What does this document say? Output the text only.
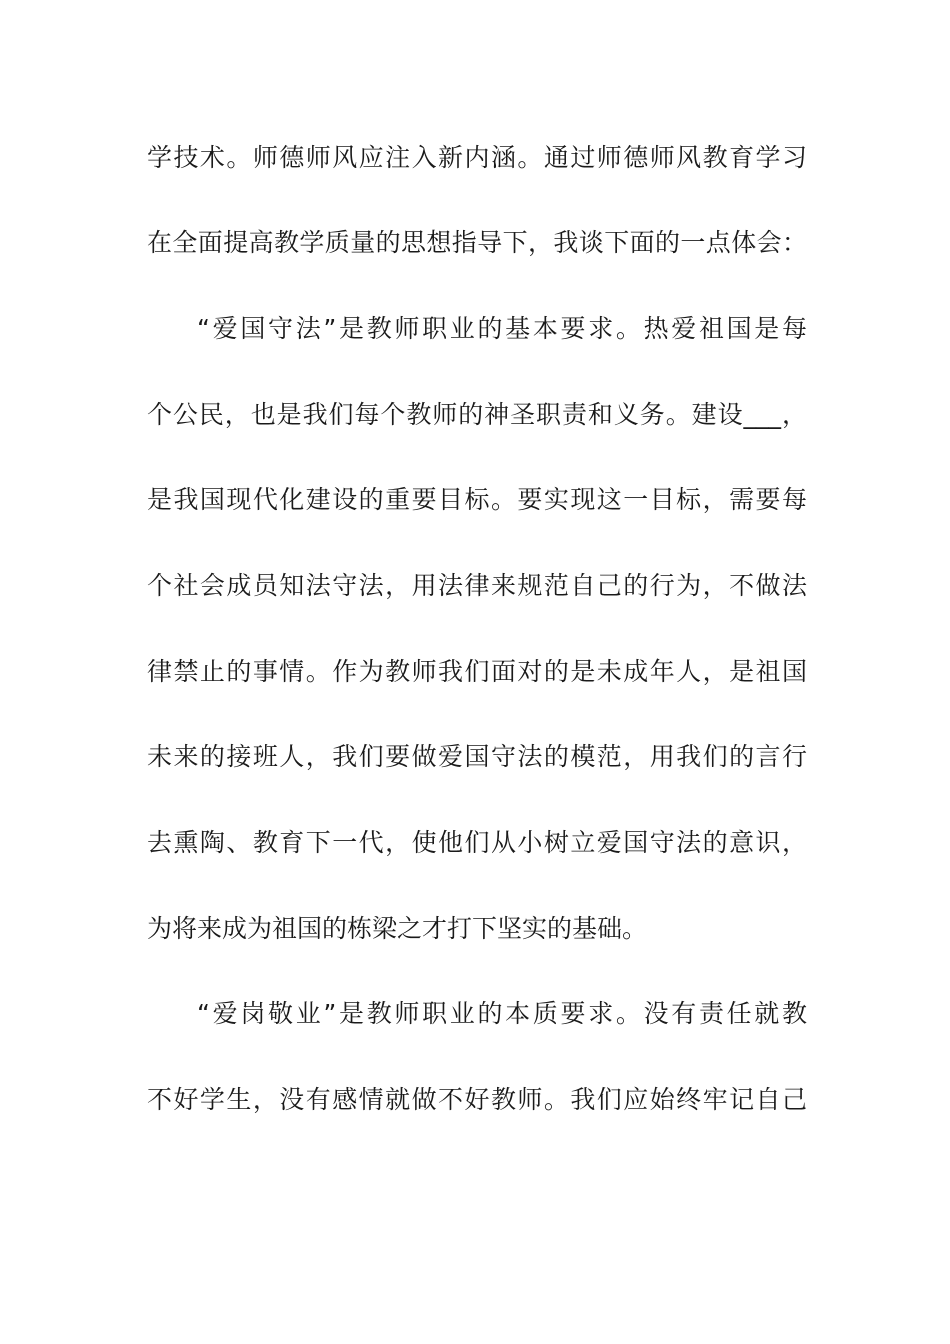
学技术。师德师风应注入新内涵。通过师德师风教育学习
在全面提高教学质量的思想指导下，我谈下面的一点体会：
“爱国守法”是教师职业的基本要求。热爱祖国是每
个公民，也是我们每个教师的神圣职责和义务。建设___，
是我国现代化建设的重要目标。要实现这一目标，需要每
个社会成员知法守法，用法律来规范自己的行为，不做法
律禁止的事情。作为教师我们面对的是未成年人，是祖国
未来的接班人，我们要做爱国守法的模范，用我们的言行
去熏陶、教育下一代，使他们从小树立爱国守法的意识，
为将来成为祖国的栋梁之才打下坚实的基础。
“爱岗敬业”是教师职业的本质要求。没有责任就教
不好学生，没有感情就做不好教师。我们应始终牢记自己
